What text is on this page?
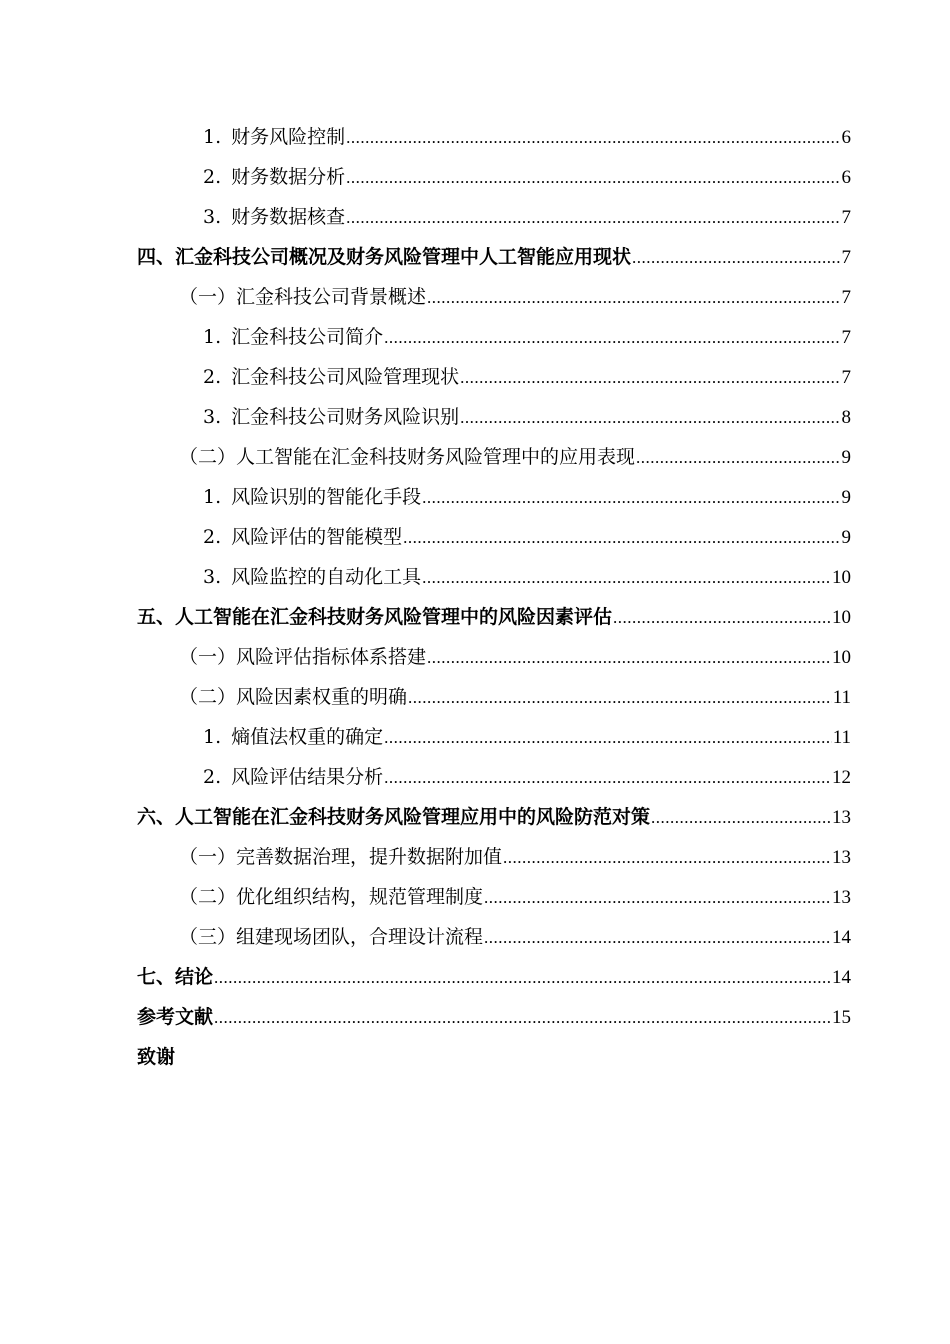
1. 财务风险控制 .....	6
2. 财务数据分析 .....	6
3. 财务数据核查 .....	7
四、汇金科技公司概况及财务风险管理中人工智能应用现状 .....	7
（一）汇金科技公司背景概述 .....	7
1. 汇金科技公司简介 .....	7
2. 汇金科技公司风险管理现状 .....	7
3. 汇金科技公司财务风险识别 .....	8
（二）人工智能在汇金科技财务风险管理中的应用表现 .....	9
1. 风险识别的智能化手段 .....	9
2. 风险评估的智能模型 .....	9
3. 风险监控的自动化工具 .....	10
五、人工智能在汇金科技财务风险管理中的风险因素评估 .....	10
（一）风险评估指标体系搭建 .....	10
（二）风险因素权重的明确 .....	11
1. 熵值法权重的确定 .....	11
2. 风险评估结果分析 .....	12
六、人工智能在汇金科技财务风险管理应用中的风险防范对策 .....	13
（一）完善数据治理，提升数据附加值 .....	13
（二）优化组织结构，规范管理制度 .....	13
（三）组建现场团队，合理设计流程 .....	14
七、结论 .....	14
参考文献 .....	15
致谢
